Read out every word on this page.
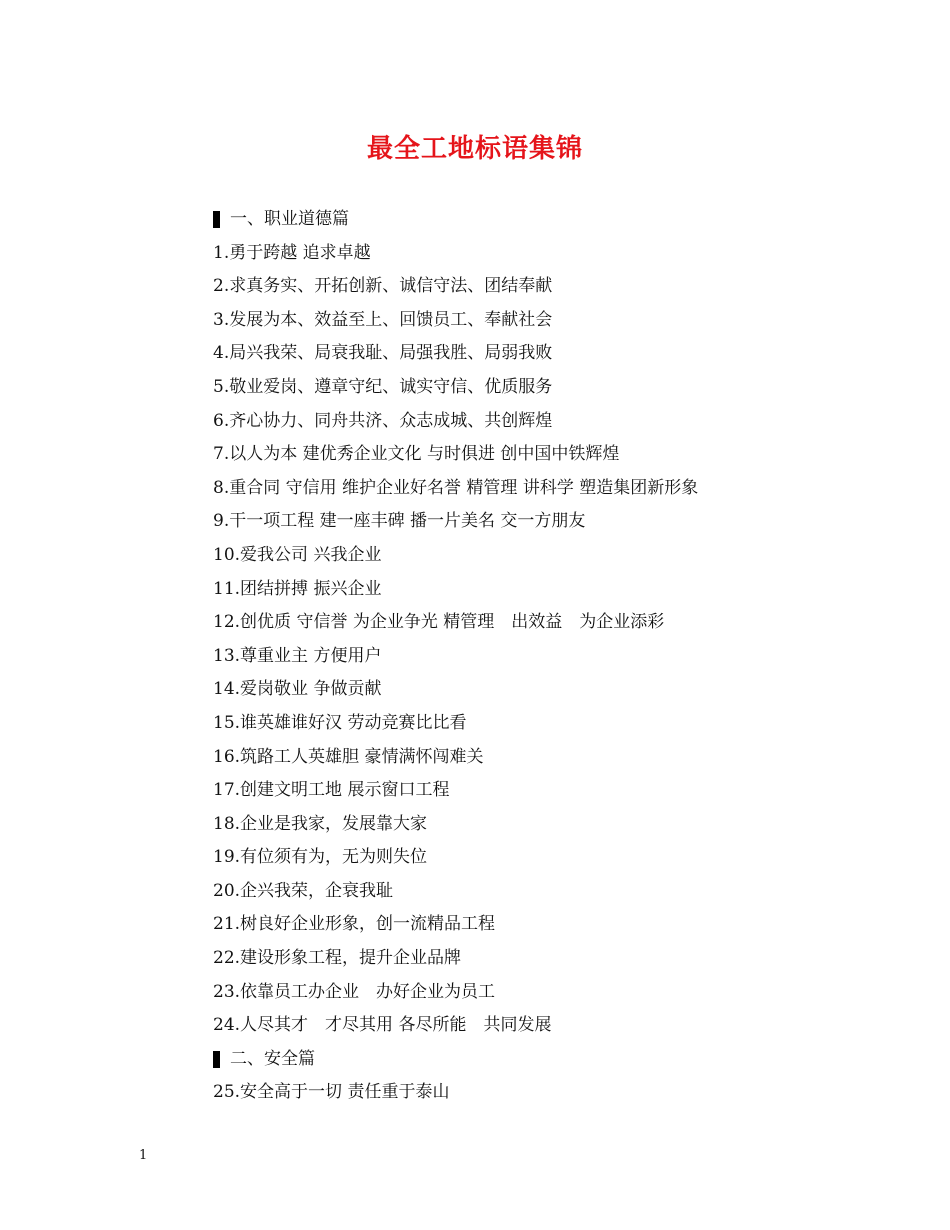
最全工地标语集锦
一、职业道德篇
1.勇于跨越 追求卓越
2.求真务实、开拓创新、诚信守法、团结奉献
3.发展为本、效益至上、回馈员工、奉献社会
4.局兴我荣、局衰我耻、局强我胜、局弱我败
5.敬业爱岗、遵章守纪、诚实守信、优质服务
6.齐心协力、同舟共济、众志成城、共创辉煌
7.以人为本 建优秀企业文化 与时俱进 创中国中铁辉煌
8.重合同 守信用 维护企业好名誉 精管理 讲科学 塑造集团新形象
9.干一项工程 建一座丰碑 播一片美名 交一方朋友
10.爱我公司 兴我企业
11.团结拼搏 振兴企业
12.创优质 守信誉 为企业争光 精管理　出效益　为企业添彩
13.尊重业主 方便用户
14.爱岗敬业 争做贡献
15.谁英雄谁好汉 劳动竞赛比比看
16.筑路工人英雄胆 豪情满怀闯难关
17.创建文明工地 展示窗口工程
18.企业是我家，发展靠大家
19.有位须有为，无为则失位
20.企兴我荣，企衰我耻
21.树良好企业形象，创一流精品工程
22.建设形象工程，提升企业品牌
23.依靠员工办企业　办好企业为员工
24.人尽其才　才尽其用 各尽所能　共同发展
二、安全篇
25.安全高于一切 责任重于泰山
1
